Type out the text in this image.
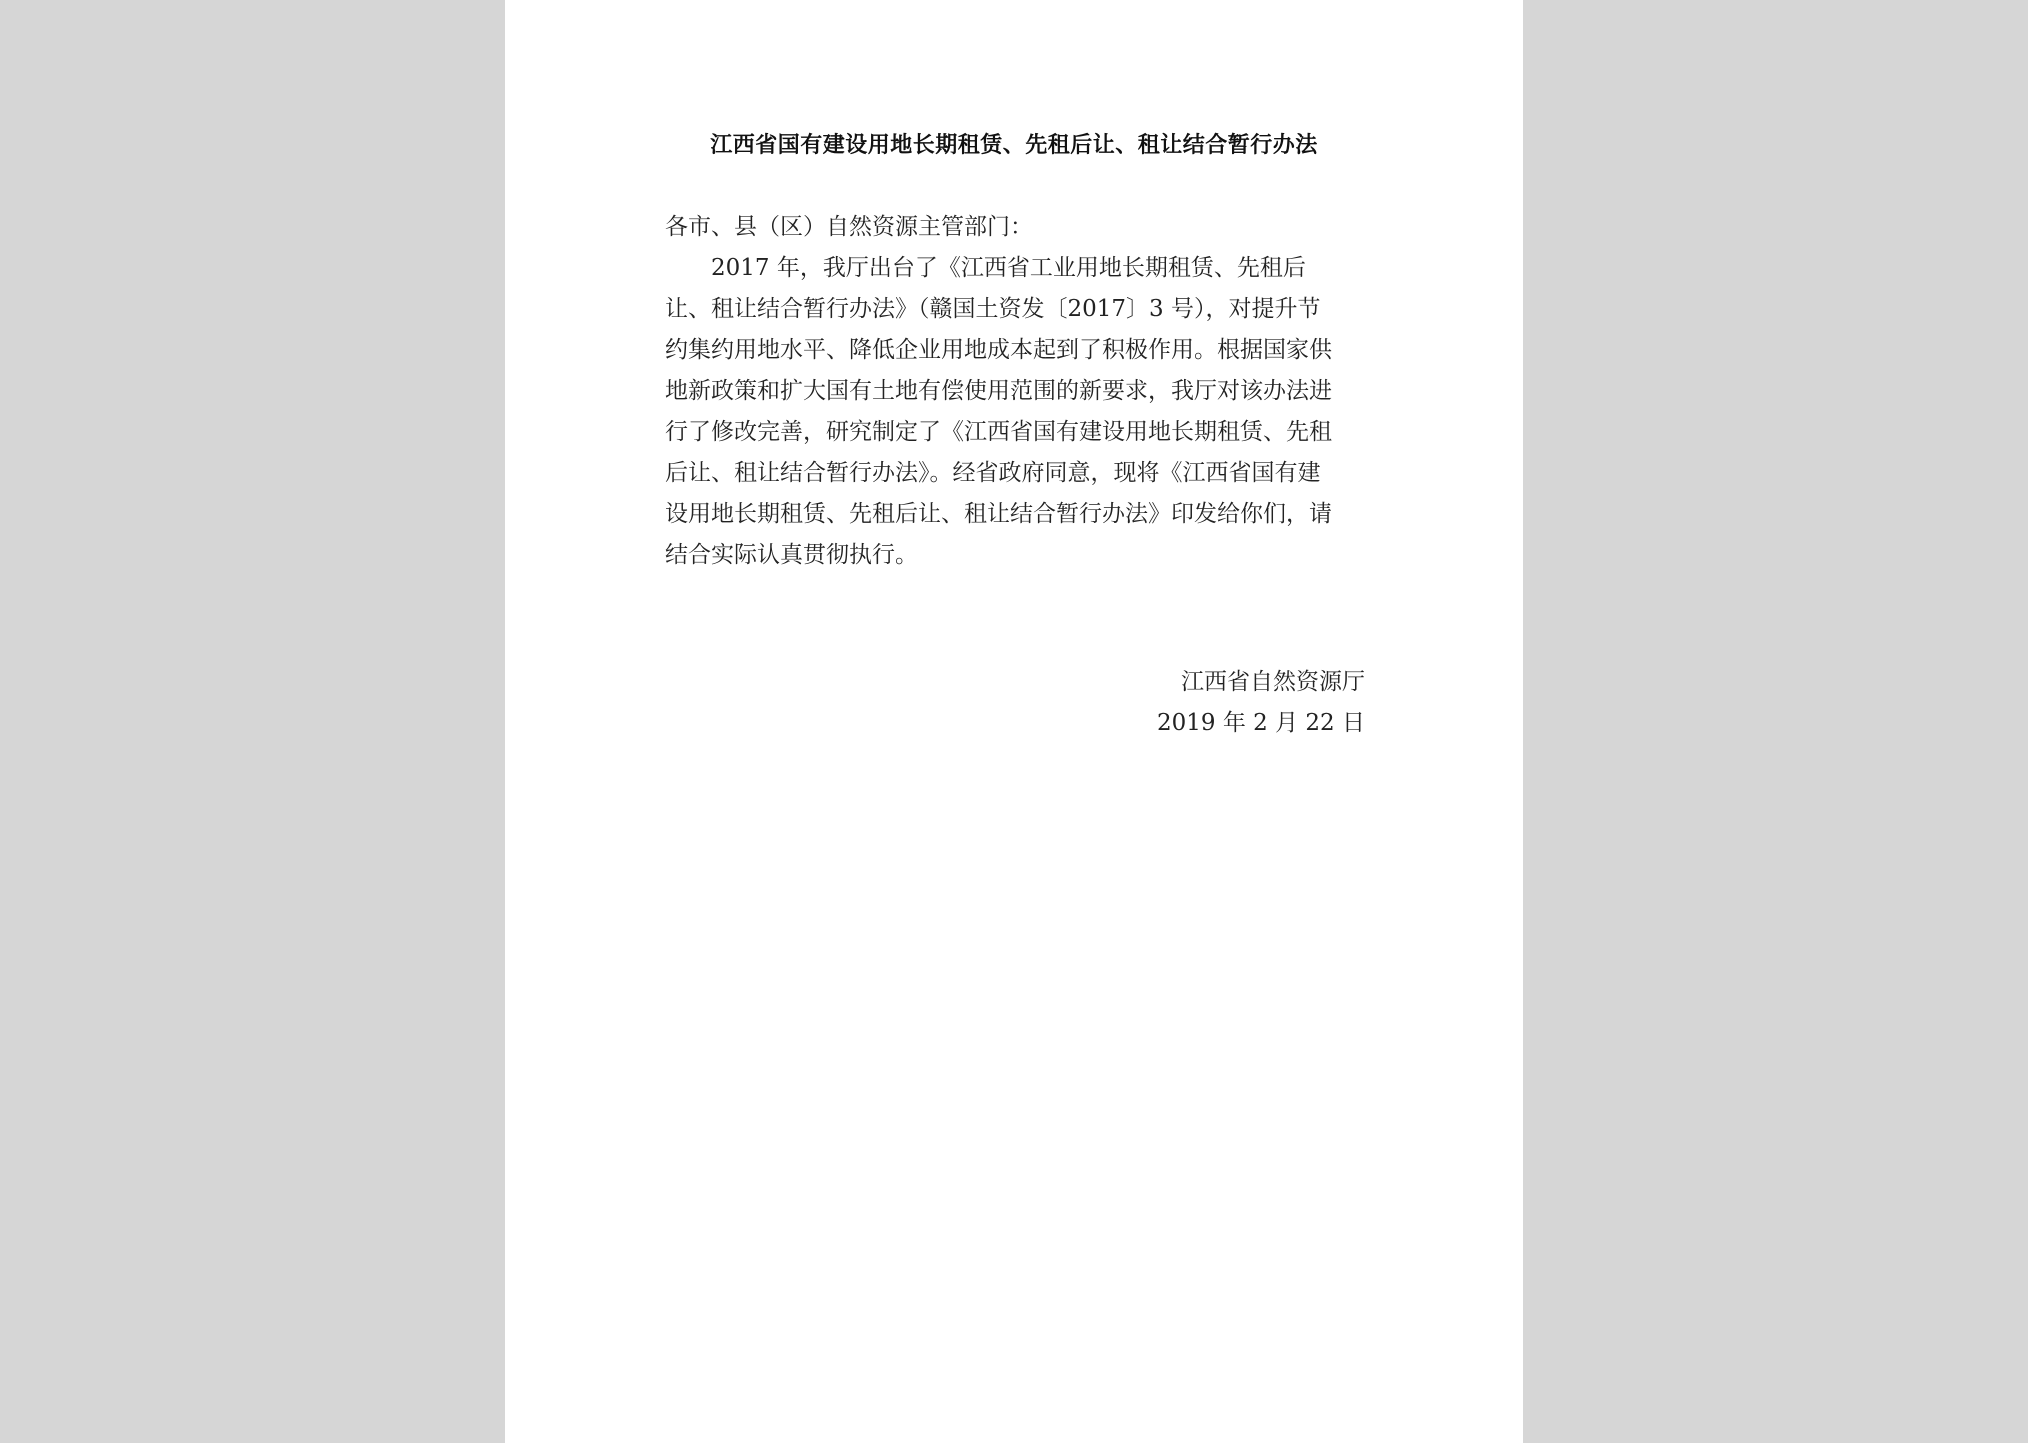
江西省国有建设用地长期租赁、先租后让、租让结合暂行办法

各市、县（区）自然资源主管部门：

2017 年，我厅出台了《江西省工业用地长期租赁、先租后
让、租让结合暂行办法》（赣国土资发〔2017〕3 号），对提升节
约集约用地水平、降低企业用地成本起到了积极作用。根据国家供
地新政策和扩大国有土地有偿使用范围的新要求，我厅对该办法进
行了修改完善，研究制定了《江西省国有建设用地长期租赁、先租
后让、租让结合暂行办法》。经省政府同意，现将《江西省国有建
设用地长期租赁、先租后让、租让结合暂行办法》印发给你们，请
结合实际认真贯彻执行。
江西省自然资源厅
2019 年 2 月 22 日
